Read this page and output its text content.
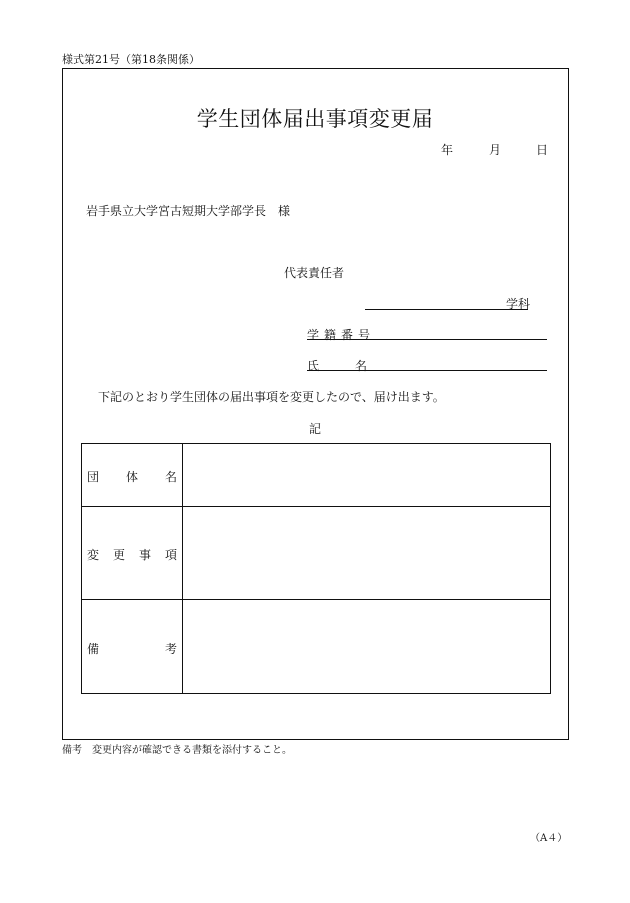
様式第21号（第18条関係）
学生団体届出事項変更届
年	月	日
岩手県立大学宮古短期大学部学長　様
代表責任者
学科
学籍番号
氏名
下記のとおり学生団体の届出事項を変更したので、届け出ます。
記
団 体 名
変 更 事 項
備	考
備考　変更内容が確認できる書類を添付すること。
（A４）
